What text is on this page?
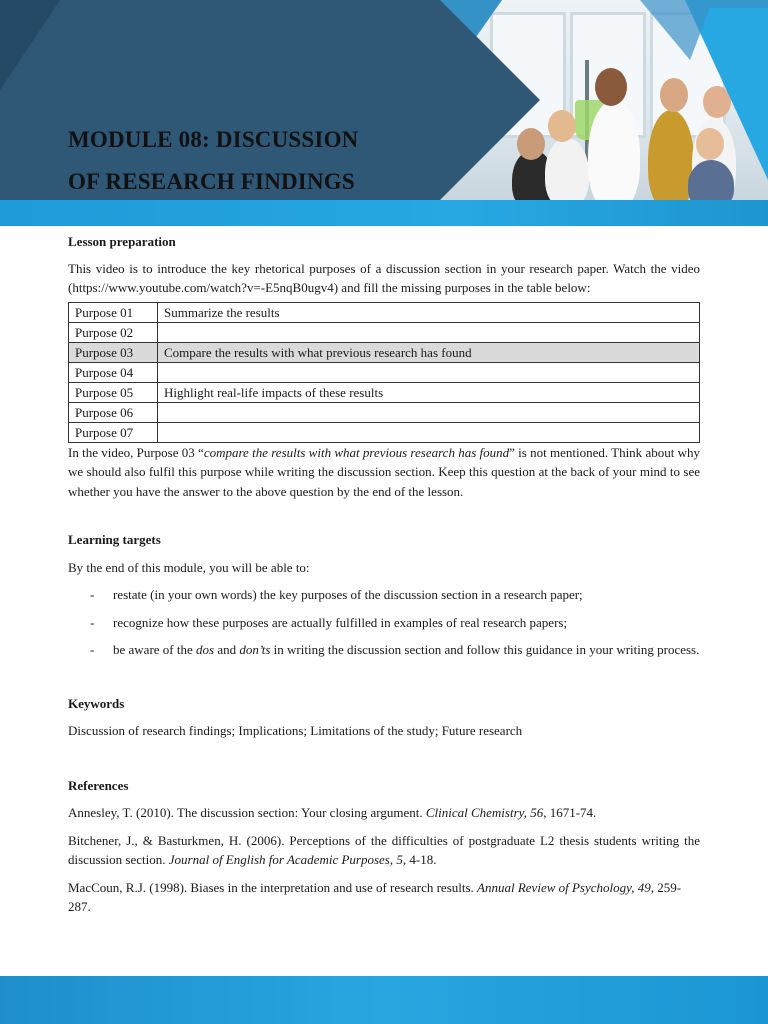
MODULE 08: DISCUSSION
OF RESEARCH FINDINGS

Lesson preparation

This video is to introduce the key rhetorical purposes of a discussion section in your research paper. Watch the video (https://www.youtube.com/watch?v=-E5nqB0ugv4) and fill the missing purposes in the table below:

Purpose 01	Summarize the results
Purpose 02	
Purpose 03	Compare the results with what previous research has found
Purpose 04	
Purpose 05	Highlight real-life impacts of these results
Purpose 06	
Purpose 07	

In the video, Purpose 03 “compare the results with what previous research has found” is not mentioned. Think about why we should also fulfil this purpose while writing the discussion section. Keep this question at the back of your mind to see whether you have the answer to the above question by the end of the lesson.

Learning targets

By the end of this module, you will be able to:

- restate (in your own words) the key purposes of the discussion section in a research paper;
- recognize how these purposes are actually fulfilled in examples of real research papers;
- be aware of the dos and don’ts in writing the discussion section and follow this guidance in your writing process.

Keywords

Discussion of research findings; Implications; Limitations of the study; Future research

References

Annesley, T. (2010). The discussion section: Your closing argument. Clinical Chemistry, 56, 1671-74.

Bitchener, J., & Basturkmen, H. (2006). Perceptions of the difficulties of postgraduate L2 thesis students writing the discussion section. Journal of English for Academic Purposes, 5, 4-18.

MacCoun, R.J. (1998). Biases in the interpretation and use of research results. Annual Review of Psychology, 49, 259-287.
